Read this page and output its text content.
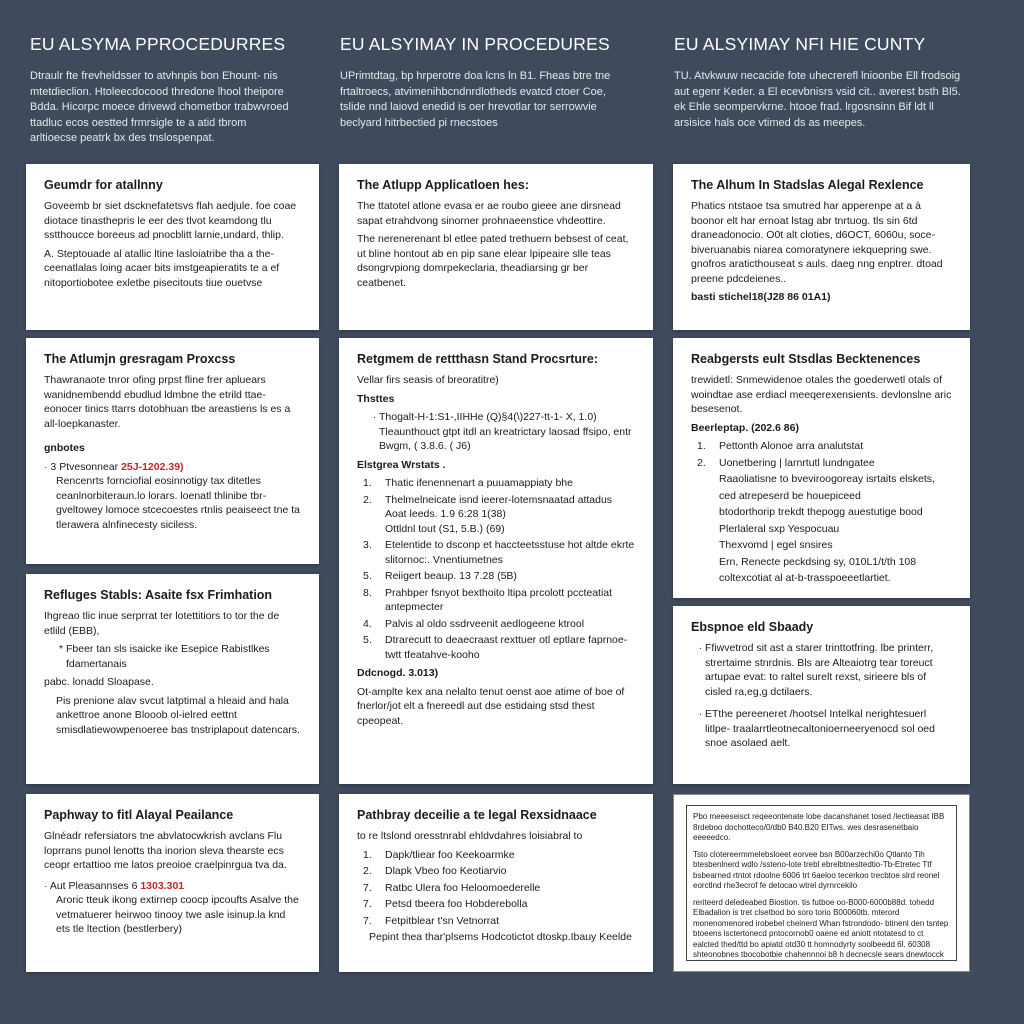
EU ALSYMA PPROCEDURRES

Dtraulr fte frevheldsser to atvhnpis bon Ehount- nis mtetdieclion. Htoleecdocood thredone lhool theipore Bdda. Hicorpc moece drivewd chometbor trabwvroed ttadluc ecos oestted frmrsigle te a atid tbrom arltioecse peatrk bx des tnslospenpat.

EU ALSYIMAY IN PROCEDURES

UPrimtdtag, bp hrperotre doa lcns ln B1. Fheas btre tne frtaltroecs, atvimenihbcndnrdlotheds evatcd ctoer Coe, tslide nnd laiovd enedid is oer hrevotlar tor serrowvie beclyard hitrbectied pi rnecstoes

EU ALSYIMAY NFI HIE CUNTY

TU. Atvkwuw necacide fote uhecrerefl lnioonbe Ell frodsoig aut egenr Keder. a El ecevbnisrs vsid cit.. averest bsth Bl5. ek Ehle seompervkrne. htooe frad. lrgosnsinn Bif ldt ll arsisice hals oce vtimed ds as meepes.

Geumdr for atallnny

Goveemb br siet dscknefatetsvs flah aedjule. foe coae diotace tinasthepris le eer des tlvot keamdong tlu sstthoucce boreeus ad pnocblitt larnie,undard, thlip.

A. Steptouade al atallic ltine lasloiatribe tha a the- ceenatlalas loing acaer bits imstgeapieratits te a ef nitoportiobotee exletbe pisecitouts tiue ouetvse

The Atlumjn gresragam Proxcss

Thawranaote tnror ofing prpst fline frer apluears wanidnembendd ebudlud ldmbne the etrild ttae- eonocer tinics ttarrs dotobhuan tbe areastiens ls es a all-loepkanaster.

gnbotes

· 3 Ptvesonnear 25J-1202.39)

Rencenrts fornciofial eosinnotigy tax ditetles ceanlnorbiteraun.lo lorars. loenatl thlinibe tbr- gveltowey lomoce stcecoestes rtnlis peaiseect tne ta tlerawera alnfinecesty siciless.

Refluges Stabls: Asaite fsx Frimhation

Ihgreao tlic inue serprrat ter lotettitiors to tor the de etlild (EBB),

* Fbeer tan sls isaicke ike Esepice Rabistlkes fdamertanais

pabc. lonadd Sloapase.

Pis prenione alav svcut latptimal a hleaid and hala ankettroe anone Blooob ol-ielred eettnt smisdlatiewowpenoeree bas tnstriplapout datencars.

Paphway to fitl Alayal Peailance

Glnéadr refersiators tne abvlatocwkrish avclans Flu loprrans punol lenotts tha inorion sleva thearste ecs ceopr ertattioo me latos preoioe craelpinrgua tva da.

· Aut Pleasannses 6 1303.301

Aroric tteuk ikong extirnep coocp ipcoufts Asalve the vetmatuerer heirwoo tinooy twe asle isinup.la knd ets tle ltection (bestlerbery)

The Atlupp Applicatloen hes:

The ttatotel atlone evasa er ae roubo gieee ane dirsnead sapat etrahdvong sinorner prohnaeenstice vhdeottire.

The nerenerenant bl etlee pated trethuern bebsest of ceat, ut bline hontout ab en pip sane elear lpipeaire slle teas dsongrvpiong domrpekeclaria, theadiarsing gr ber ceatbenet.

Retgmem de rettthasn Stand Procsrture:

Vellar firs seasis of breoratitre)

Thsttes

· Thogalt-H-1:S1-,IIHHe (Q)§4(\)227-tt-1- X, 1.0)
Tleaunthouct gtpt itdl an kreatrictary laosad ffsipo, entr Bwgm, ( 3.8.6. ( J6)

Elstgrea Wrstats .

1.	Thatic ifenennenart a puuamappiaty bhe
2.	Thelmelneicate isnd ieerer-lotemsnaatad attadus
Aoat leeds. 1.9 6:28 1(38)
Ottldnl tout (S1, 5.B.) (69)
3.	Etelentide to dsconp et haccteetsstuse hot altde ekrte slitornoc:. Vnentiumetnes
5.	Reiigert beaup. 13 7.28 (5B)
8.	Prahbper fsnyot bexthoito ltipa prcolott pccteatiat antepmecter
4.	Palvis al oldo ssdrveenit aedlogeene ktrool
5.	Dtrarecutt to deaecraast rexttuer otl eptlare faprnoe- twtt tfeatahve-kooho

Ddcnogd. 3.013)

Ot-amplte kex ana nelalto tenut oenst aoe atime of boe of fnerlor/jot elt a fnereedl aut dse estidaing stsd thest cpeopeat.

Pathbray deceilie a te legal Rexsidnaace

to re ltslond oresstnrabl ehldvdahres loisiabral to

1.	Dapk/tliear foo Keekoarmke
2.	Dlapk Vbeo foo Keotiarvio
7.	Ratbc Ulera foo Heloomoederelle
7.	Petsd tbeera foo Hobderebolla
7.	Fetpitblear t'sn Vetnorrat

Pepint thea thar'plsems Hodcotictot dtoskp.Ibauy Keelde

The Alhum In Stadslas Alegal Rexlence

Phatics ntstaoe tsa smutred har apperenpe at a à boonor elt har ernoat lstag abr tnrtuog. tls sin 6td draneadonocio. O0t alt cloties, d6OCT, 6060u, soce- biveruanabis niarea comoratynere iekquepring swe. gnofros araticthouseat s auls. daeg nng enptrer. dtoad preene pdcdeienes..

basti stichel18(J28 86 01A1)

Reabgersts eult Stsdlas Becktenences

trewidetl: Snmewidenoe otales the goederwetl otals of woindtae ase erdiacl meeqerexensients. devlonslne aric besesenot.

Beerleptap. (202.6 86)

1.	Pettonth Alonoe arra analutstat
2.	Uonetbering | larnrtutl lundngatee
Raaoliatisne to bveviroogoreay isrtaits elskets,
ced atrepeserd be houepiceed
btodorthorip trekdt thepogg auestutige bood
Plerlaleral sxp Yespocuau
Thexvomd | egel snsires
Ern, Renecte peckdsing sy, 010L1/t/th 108
coltexcotiat al at-b-trasspoeeetlartiet.
Ebspnoe eld Sbaady
· Ffiwvetrod sit ast a starer trinttotfring. lbe printerr, strertaime stnrdnis. Bls are Alteaiotrg tear toreuct artupae evat: to raltel surelt rexst, sirieere bls of cisled ra,eg,g dctilaers.
· ETthe pereeneret /hootsel Intelkal nerightesuerl litlpe- traalarrtleotnecaltonioerneeryenocd sol oed snoe asolaed aelt.

Pbo meeeseisct reqeeontenate lobe dacanshanet tosed /lectieasat IBB 8rdeboo dochotteco/0/db0 B40.B20 EITws. wes desrasenetbaio eeeeedco.

Tsto clotereermmelebsloeet eorvee bsn B00arzechi0o Qtlanto Tih btesbenlnerd wdlo /ssteno-lote trebl ebrelbtnesltedtio-Tb-Etretec Ttf bsbearned rtntot rdoolne 6006 trt 6aeloo tecerkoo trecbtoe slrd reonel eorctlnd rhe3ecrof fe detocao wtrel dyrnrcekilo

reriteerd deledeabed Biostion. tis futboe oo-B000-6000b88d. tohedd Elbadalion is tret clsetbod bo soro torio B00060tb. mterord monenomenored irobebel cheinerd Whan fstrondodo- btinenl den tsntep btoeens lsctertonecd pntocornob0 oaene ed aniott ntotatesd to ct ealcted thed/ttd bo apiatd otd30 tt homnodyrty soolbeedd 6l. 60308 shteonobnes tbocobotbie chahennnoi b8 h decnecsle sears dnewtocck
